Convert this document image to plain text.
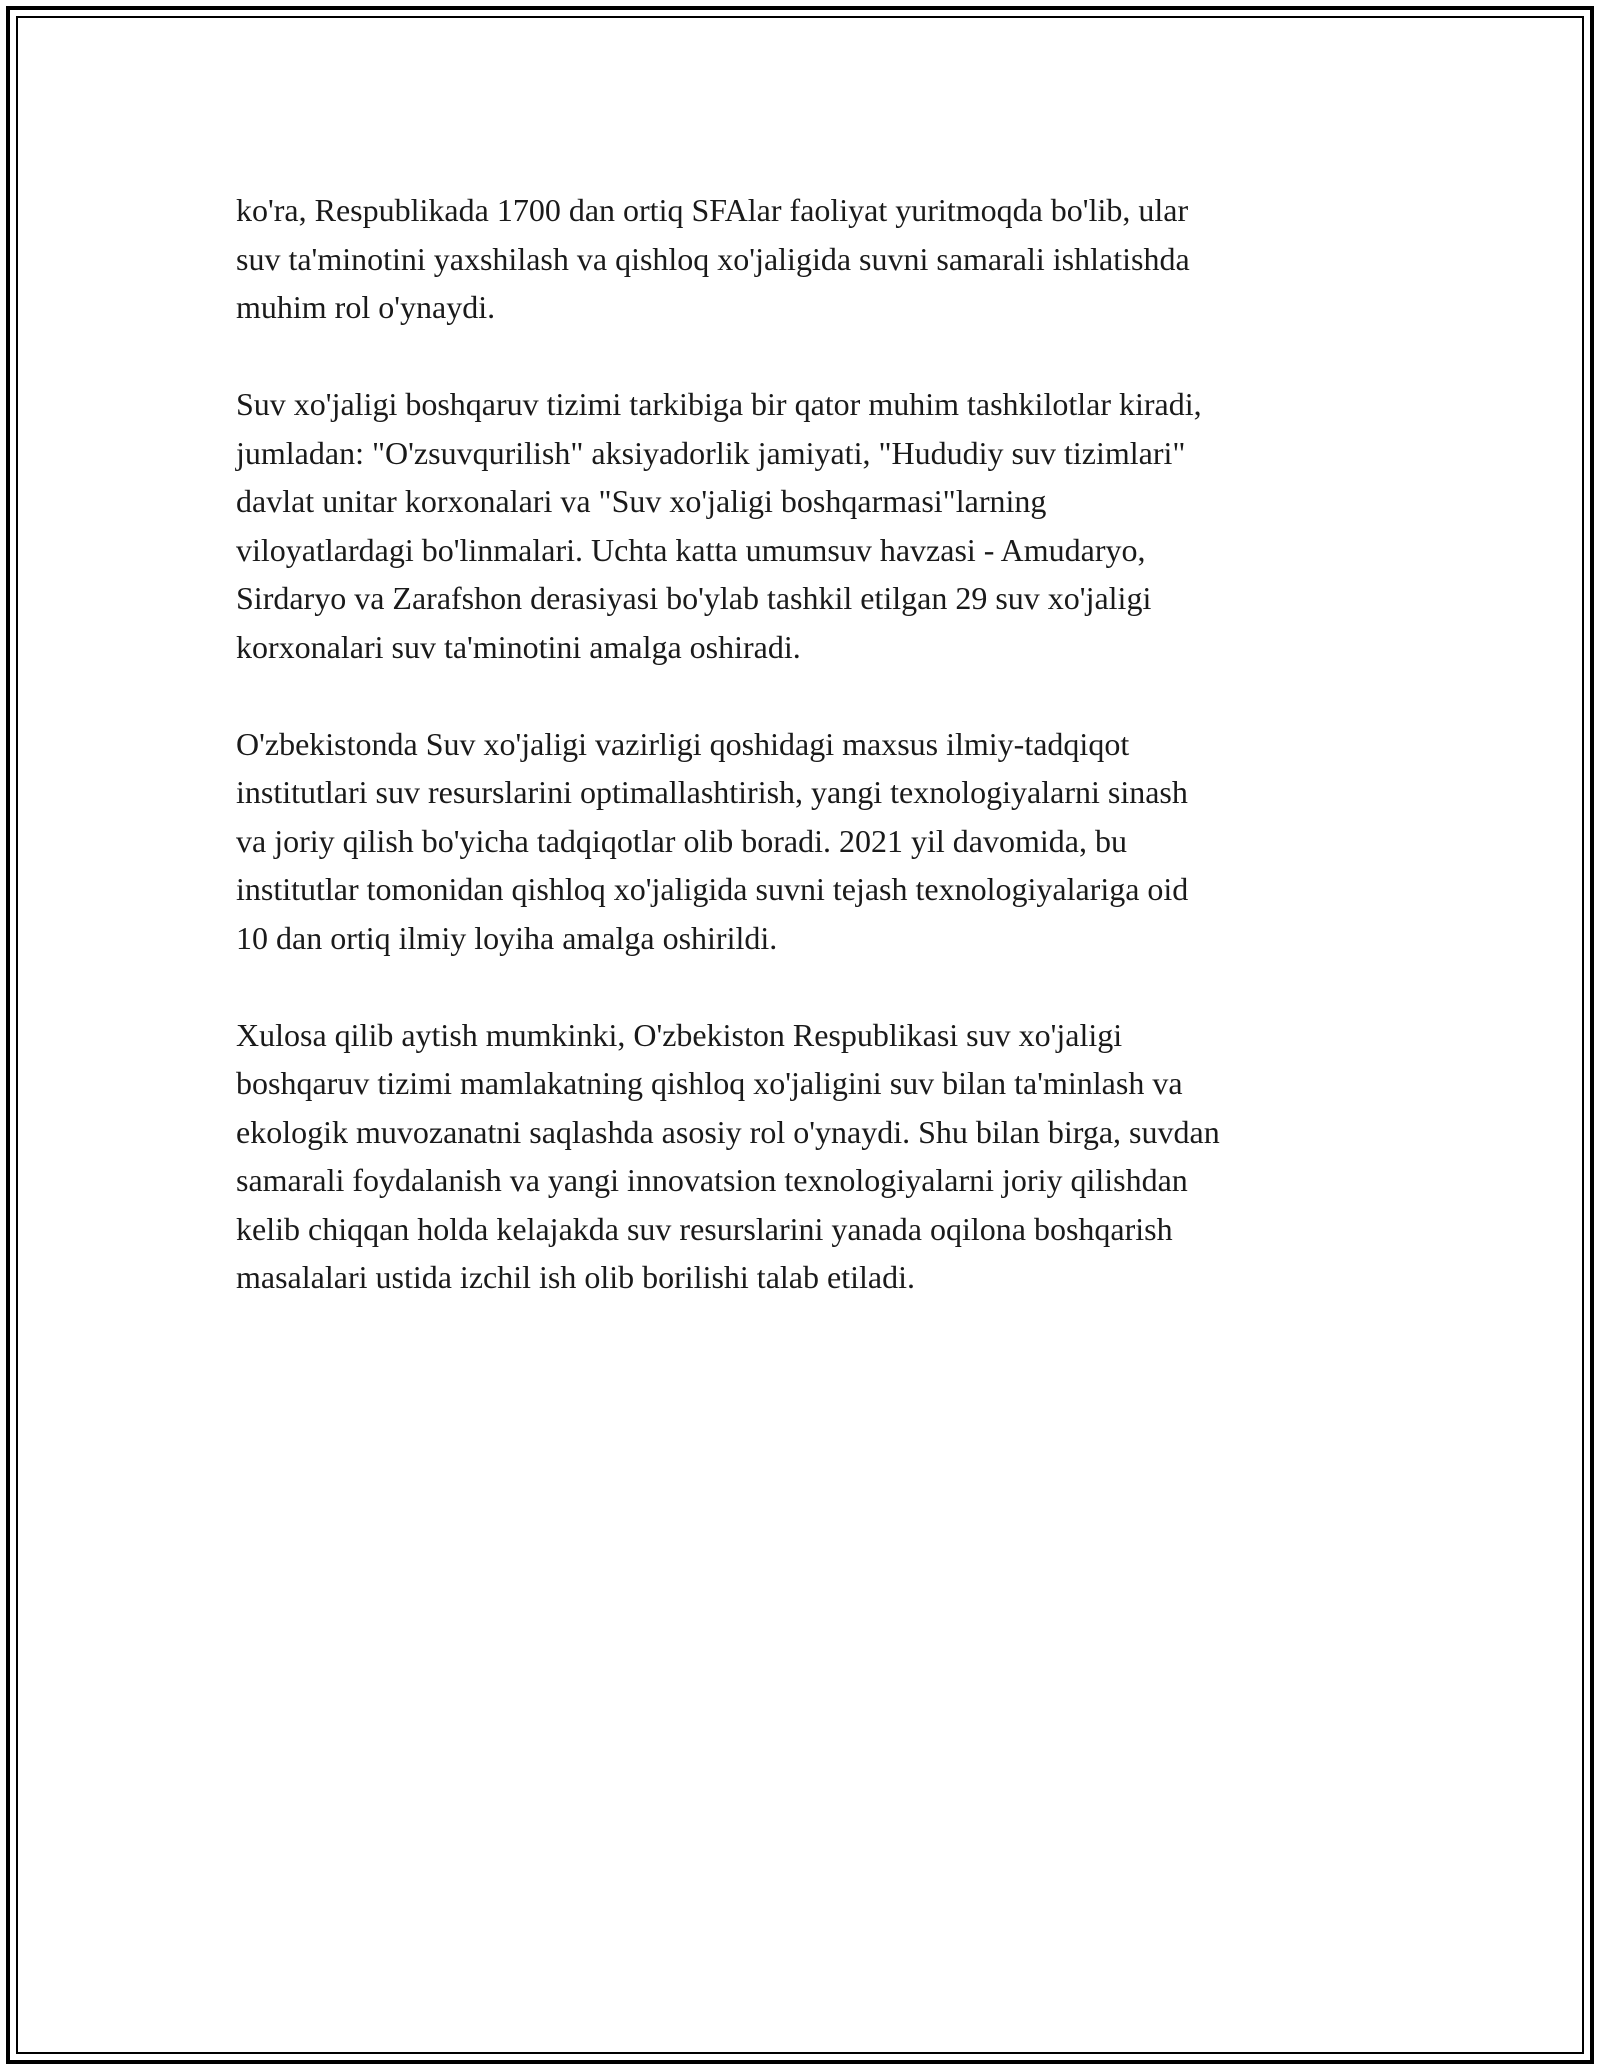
ko'ra, Respublikada 1700 dan ortiq SFAlar faoliyat yuritmoqda bo'lib, ular
suv ta'minotini yaxshilash va qishloq xo'jaligida suvni samarali ishlatishda
muhim rol o'ynaydi.

Suv xo'jaligi boshqaruv tizimi tarkibiga bir qator muhim tashkilotlar kiradi,
jumladan: "O'zsuvqurilish" aksiyadorlik jamiyati, "Hududiy suv tizimlari"
davlat unitar korxonalari va "Suv xo'jaligi boshqarmasi"larning
viloyatlardagi bo'linmalari. Uchta katta umumsuv havzasi - Amudaryo,
Sirdaryo va Zarafshon derasiyasi bo'ylab tashkil etilgan 29 suv xo'jaligi
korxonalari suv ta'minotini amalga oshiradi.

O'zbekistonda Suv xo'jaligi vazirligi qoshidagi maxsus ilmiy-tadqiqot
institutlari suv resurslarini optimallashtirish, yangi texnologiyalarni sinash
va joriy qilish bo'yicha tadqiqotlar olib boradi. 2021 yil davomida, bu
institutlar tomonidan qishloq xo'jaligida suvni tejash texnologiyalariga oid
10 dan ortiq ilmiy loyiha amalga oshirildi.

Xulosa qilib aytish mumkinki, O'zbekiston Respublikasi suv xo'jaligi
boshqaruv tizimi mamlakatning qishloq xo'jaligini suv bilan ta'minlash va
ekologik muvozanatni saqlashda asosiy rol o'ynaydi. Shu bilan birga, suvdan
samarali foydalanish va yangi innovatsion texnologiyalarni joriy qilishdan
kelib chiqqan holda kelajakda suv resurslarini yanada oqilona boshqarish
masalalari ustida izchil ish olib borilishi talab etiladi.
